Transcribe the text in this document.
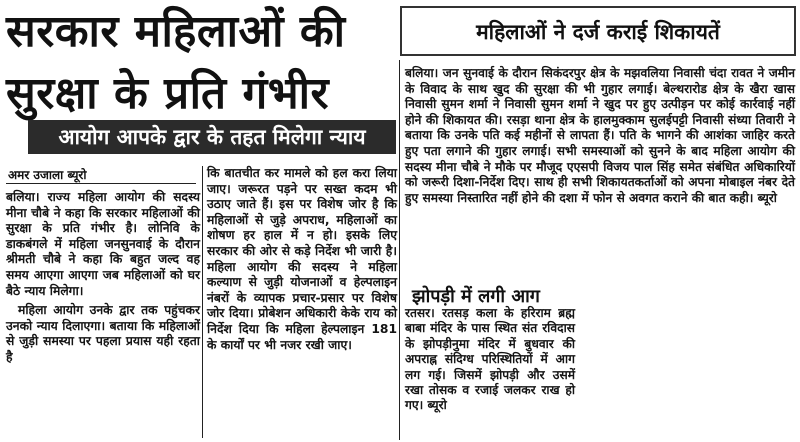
सरकार महिलाओं की
सुरक्षा के प्रति गंभीर
आयोग आपके द्वार के तहत मिलेगा न्याय
अमर उजाला ब्यूरो

बलिया। राज्य महिला आयोग की सदस्य मीना चौबे ने कहा कि सरकार महिलाओं की सुरक्षा के प्रति गंभीर है। लोनिवि के डाकबंगले में महिला जनसुनवाई के दौरान श्रीमती चौबे ने कहा कि बहुत जल्द वह समय आएगा आएगा जब महिलाओं को घर बैठे न्याय मिलेगा।

महिला आयोग उनके द्वार तक पहुंचकर उनको न्याय दिलाएगा। बताया कि महिलाओं से जुड़ी समस्या पर पहला प्रयास यही रहता है

कि बातचीत कर मामले को हल करा लिया जाए। जरूरत पड़ने पर सख्त कदम भी उठाए जाते हैं। इस पर विशेष जोर है कि महिलाओं से जुड़े अपराध, महिलाओं का शोषण हर हाल में न हो। इसके लिए सरकार की ओर से कड़े निर्देश भी जारी है। महिला आयोग की सदस्य ने महिला कल्याण से जुड़ी योजनाओं व हेल्पलाइन नंबरों के व्यापक प्रचार-प्रसार पर विशेष जोर दिया। प्रोबेशन अधिकारी केके राय को निर्देश दिया कि महिला हेल्पलाइन 181 के कार्यों पर भी नजर रखी जाए।

महिलाओं ने दर्ज कराई शिकायतें

बलिया। जन सुनवाई के दौरान सिकंदरपुर क्षेत्र के मझवलिया निवासी चंदा रावत ने जमीन के विवाद के साथ खुद की सुरक्षा की भी गुहार लगाई। बेल्थरारोड क्षेत्र के खैरा खास निवासी सुमन शर्मा ने निवासी सुमन शर्मा ने खुद पर हुए उत्पीड़न पर कोई कार्रवाई नहीं होने की शिकायत की। रसड़ा थाना क्षेत्र के हालमुक्काम सुलईपट्टी निवासी संध्या तिवारी ने बताया कि उनके पति कई महीनों से लापता हैं। पति के भागने की आशंका जाहिर करते हुए पता लगाने की गुहार लगाई। सभी समस्याओं को सुनने के बाद महिला आयोग की सदस्य मीना चौबे ने मौके पर मौजूद एएसपी विजय पाल सिंह समेत संबंधित अधिकारियों को जरूरी दिशा-निर्देश दिए। साथ ही सभी शिकायतकर्ताओं को अपना मोबाइल नंबर देते हुए समस्या निस्तारित नहीं होने की दशा में फोन से अवगत कराने की बात कही। ब्यूरो

झोपड़ी में लगी आग

रतसर। रतसड़ कला के हरिराम ब्रह्म बाबा मंदिर के पास स्थित संत रविदास के झोपड़ीनुमा मंदिर में बुधवार की अपराह्न संदिग्ध परिस्थितियों में आग लग गई। जिसमें झोपड़ी और उसमें रखा तोसक व रजाई जलकर राख हो गए। ब्यूरो
